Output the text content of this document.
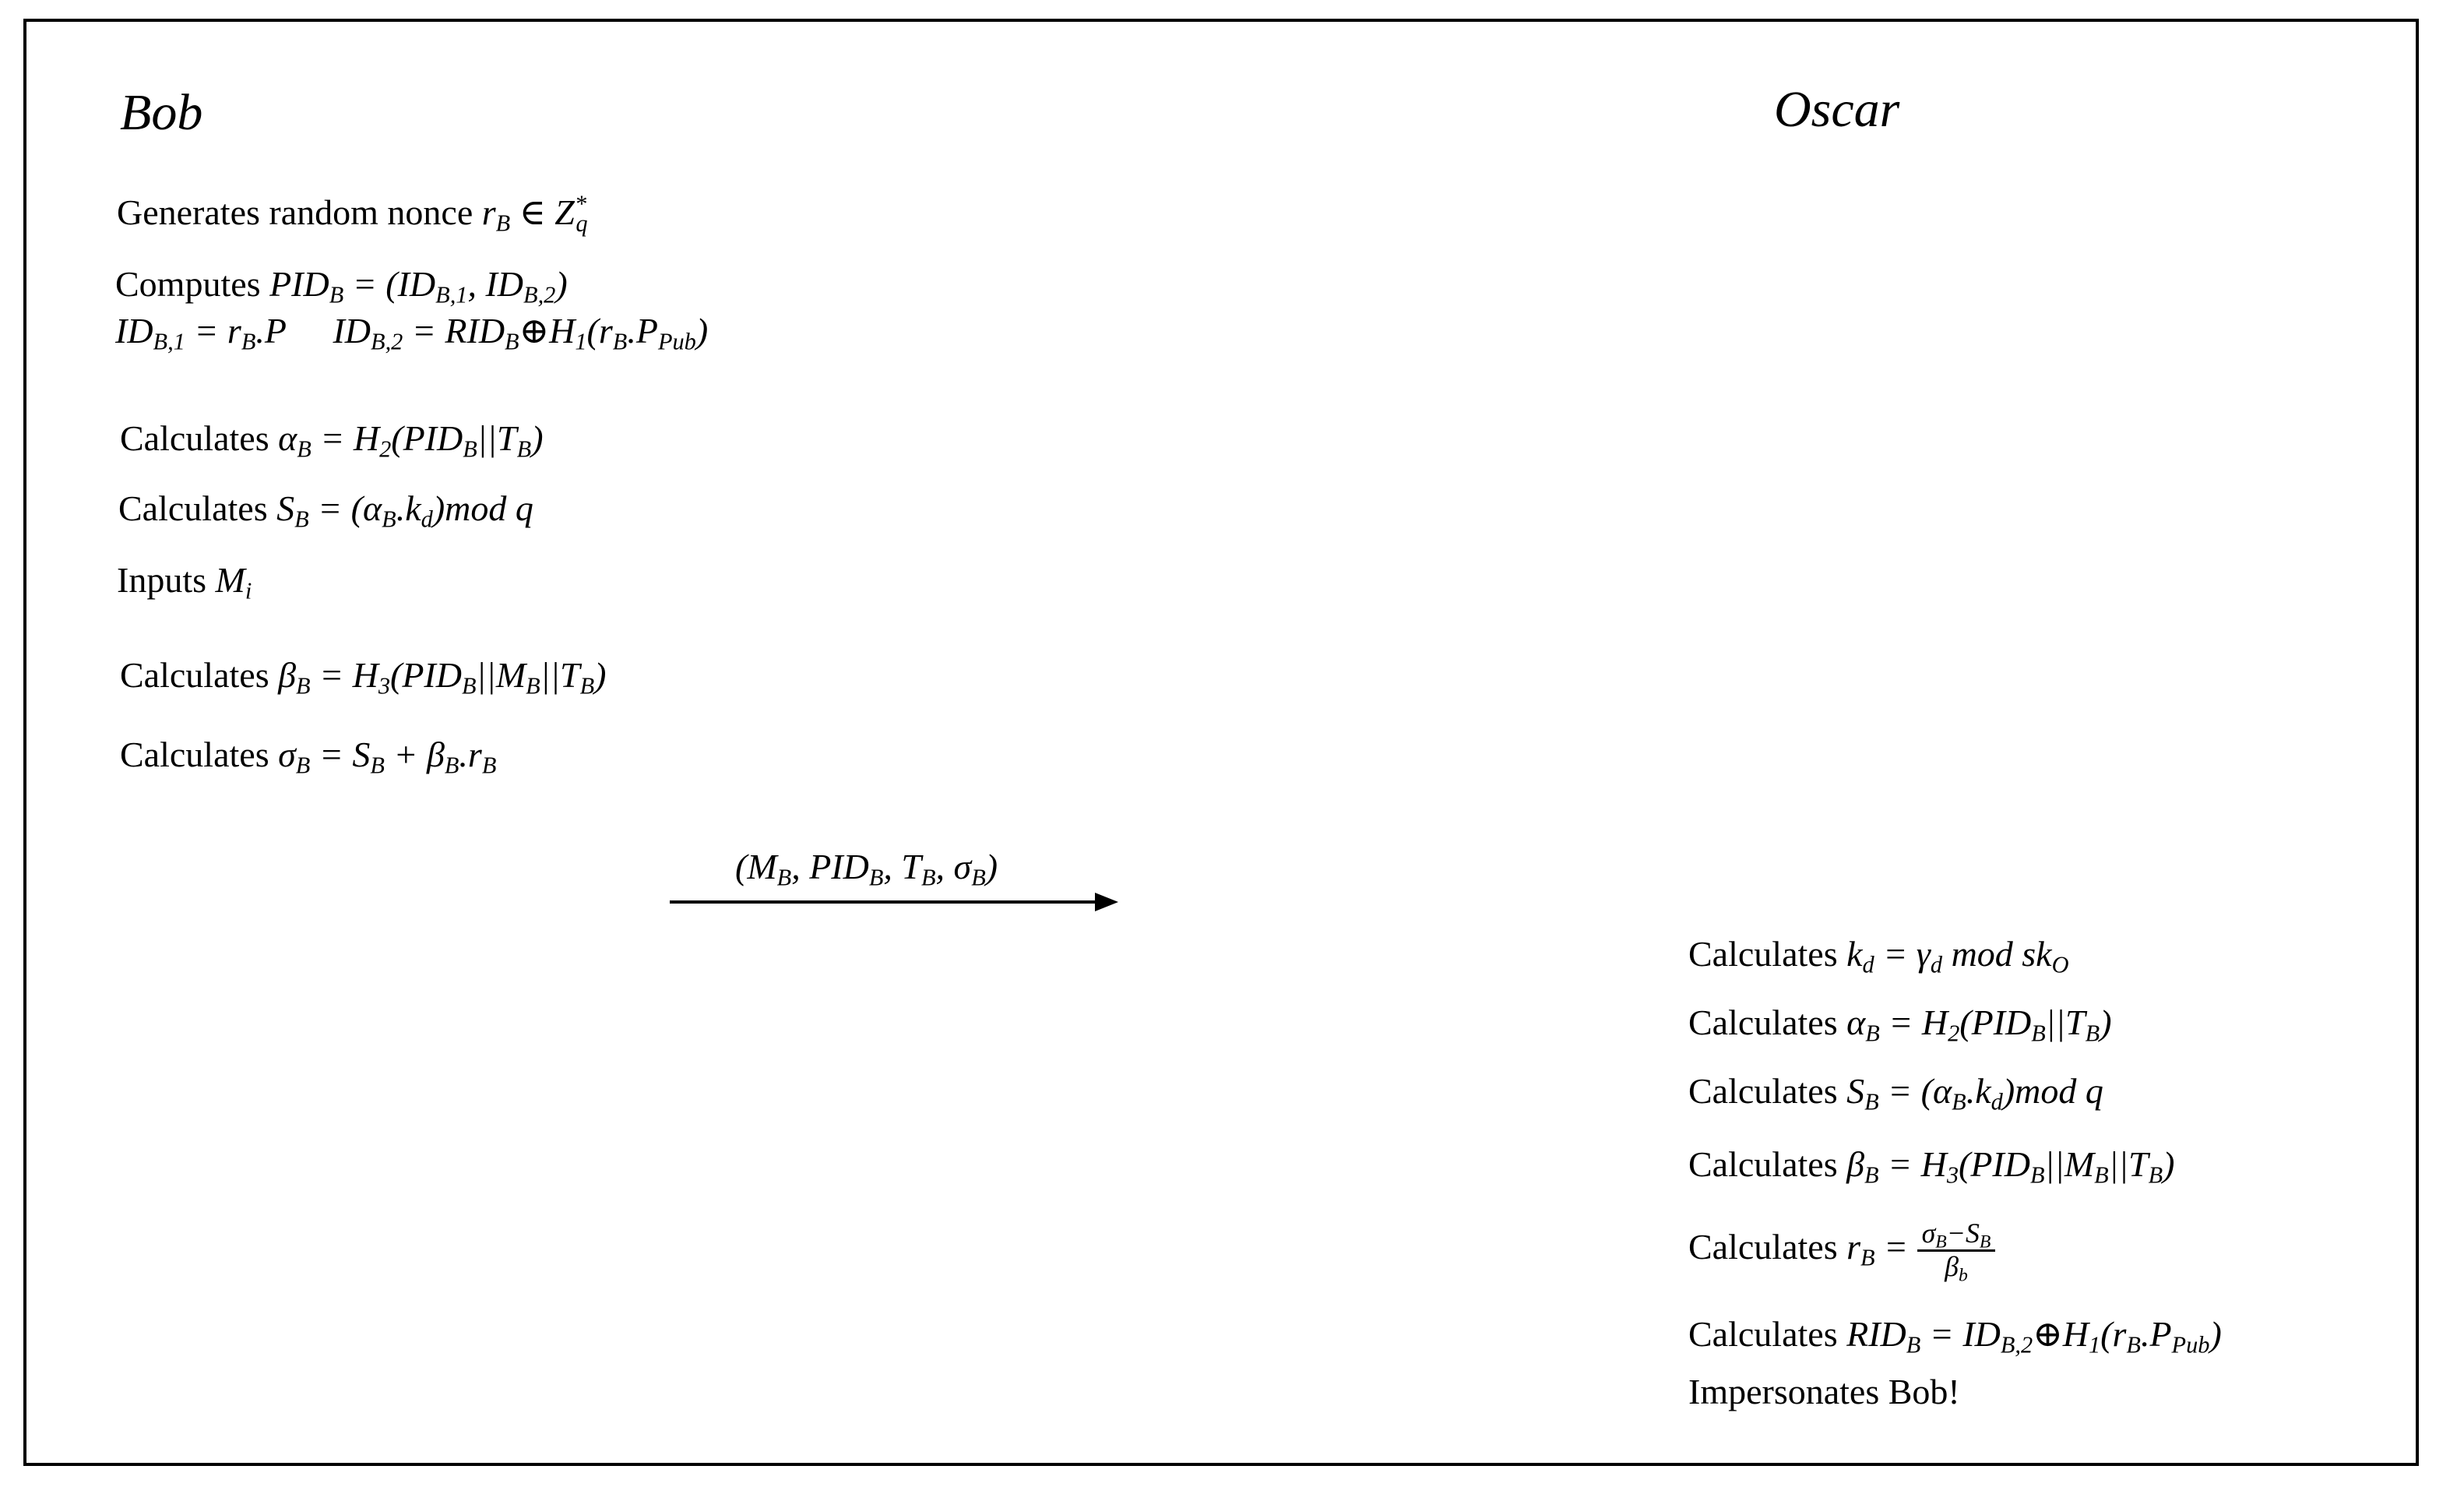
Bob
Generates random nonce $r_B$ ∈ $Z^*_q$
Computes $PID_B = (ID_{B,1}$, $ID_{B,2}$)
$ID_{B,1} = r_B.P$ $ID_{B,2}$ = $RID_B\oplus H_1(r_B.P_{Pub})$
Calculates $\alpha_B = H_2(PID_B||T_B)$
Calculates $S_B = (\alpha_B.k_d)mod$ q
Inputs $M_i$
Calculates $\beta_B = H_3(PID_B||M_B||T_B)$
Calculates $\sigma_B = S_B + \beta_B.r_B$
($M_B$, $PID_B$, $T_B$, $\sigma_B$)
Oscar
Calculates $k_d = \gamma_d$ mod $sk_O$
Calculates $\alpha_B = H_2(PID_B||T_B)$
Calculates $S_B = (\alpha_B.k_d)mod$ q
Calculates $\beta_B = H_3(PID_B||M_B||T_B)$
Calculates $r_B = \frac{\sigma_B-S_B}{\beta_b}$
Calculates $RID_B$ = $ID_{B,2}\oplus H_1(r_B.P_{Pub})$
Impersonates Bob!
